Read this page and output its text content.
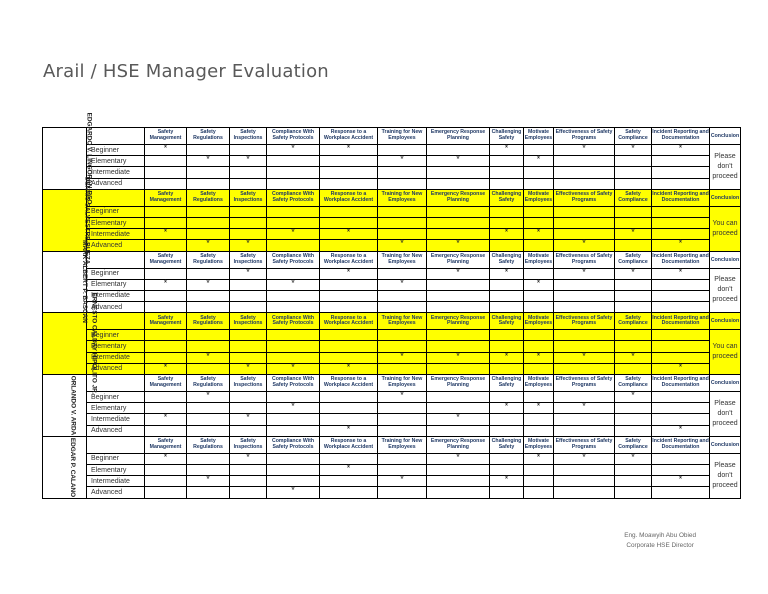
Arail / HSE Manager Evaluation
EDGARDO V. LINGORAN-RSO		Safety Management	Safety Regulations	Safety Inspections	Compliance With Safety Protocols	Response to a Workplace Accident	Training for New Employees	Emergency Response Planning	Challenging Safety	Motivate Employees	Effectiveness of Safety Programs	Safety Compliance	Incident Reporting and Documentation	Conclusion
	Beginner	*			*	*			*		*	*	*	Please don't proceed
	Elementary		*	*			*	*		*				
	Intermediate													
	Advanced													
DENNIS SALVESTRE BUEZA		Safety Management	Safety Regulations	Safety Inspections	Compliance With Safety Protocols	Response to a Workplace Accident	Training for New Employees	Emergency Response Planning	Challenging Safety	Motivate Employees	Effectiveness of Safety Programs	Safety Compliance	Incident Reporting and Documentation	Conclusion
	Beginner													You can proceed
	Elementary													
	Intermediate	*			*	*			*	*		*		
	Advanced		*	*			*	*			*		*	
MARK ALBERT P. BASCAN		Safety Management	Safety Regulations	Safety Inspections	Compliance With Safety Protocols	Response to a Workplace Accident	Training for New Employees	Emergency Response Planning	Challenging Safety	Motivate Employees	Effectiveness of Safety Programs	Safety Compliance	Incident Reporting and Documentation	Conclusion
	Beginner			*		*		*	*		*	*	*	Please don't proceed
	Elementary	*	*		*		*			*				
	Intermediate													
	Advanced													
ERNESTO CALDAY HIPOLITO JR.		Safety Management	Safety Regulations	Safety Inspections	Compliance With Safety Protocols	Response to a Workplace Accident	Training for New Employees	Emergency Response Planning	Challenging Safety	Motivate Employees	Effectiveness of Safety Programs	Safety Compliance	Incident Reporting and Documentation	Conclusion
	Beginner													You can proceed
	Elementary													
	Intermediate		*				*	*	*	*	*	*		
	Advanced	*		*	*	*							*	
ORLANDO V. ARDA		Safety Management	Safety Regulations	Safety Inspections	Compliance With Safety Protocols	Response to a Workplace Accident	Training for New Employees	Emergency Response Planning	Challenging Safety	Motivate Employees	Effectiveness of Safety Programs	Safety Compliance	Incident Reporting and Documentation	Conclusion
	Beginner		*				*					*		Please don't proceed
	Elementary				*				*	*	*			
	Intermediate	*		*				*						
	Advanced					*							*	
EDGAR P. CALANO		Safety Management	Safety Regulations	Safety Inspections	Compliance With Safety Protocols	Response to a Workplace Accident	Training for New Employees	Emergency Response Planning	Challenging Safety	Motivate Employees	Effectiveness of Safety Programs	Safety Compliance	Incident Reporting and Documentation	Conclusion
	Beginner	*		*				*		*	*	*		Please don't proceed
	Elementary					*								
	Intermediate		*				*		*				*	
	Advanced				*									
Eng. Moawyih Abu Obied
Corporate HSE Director
